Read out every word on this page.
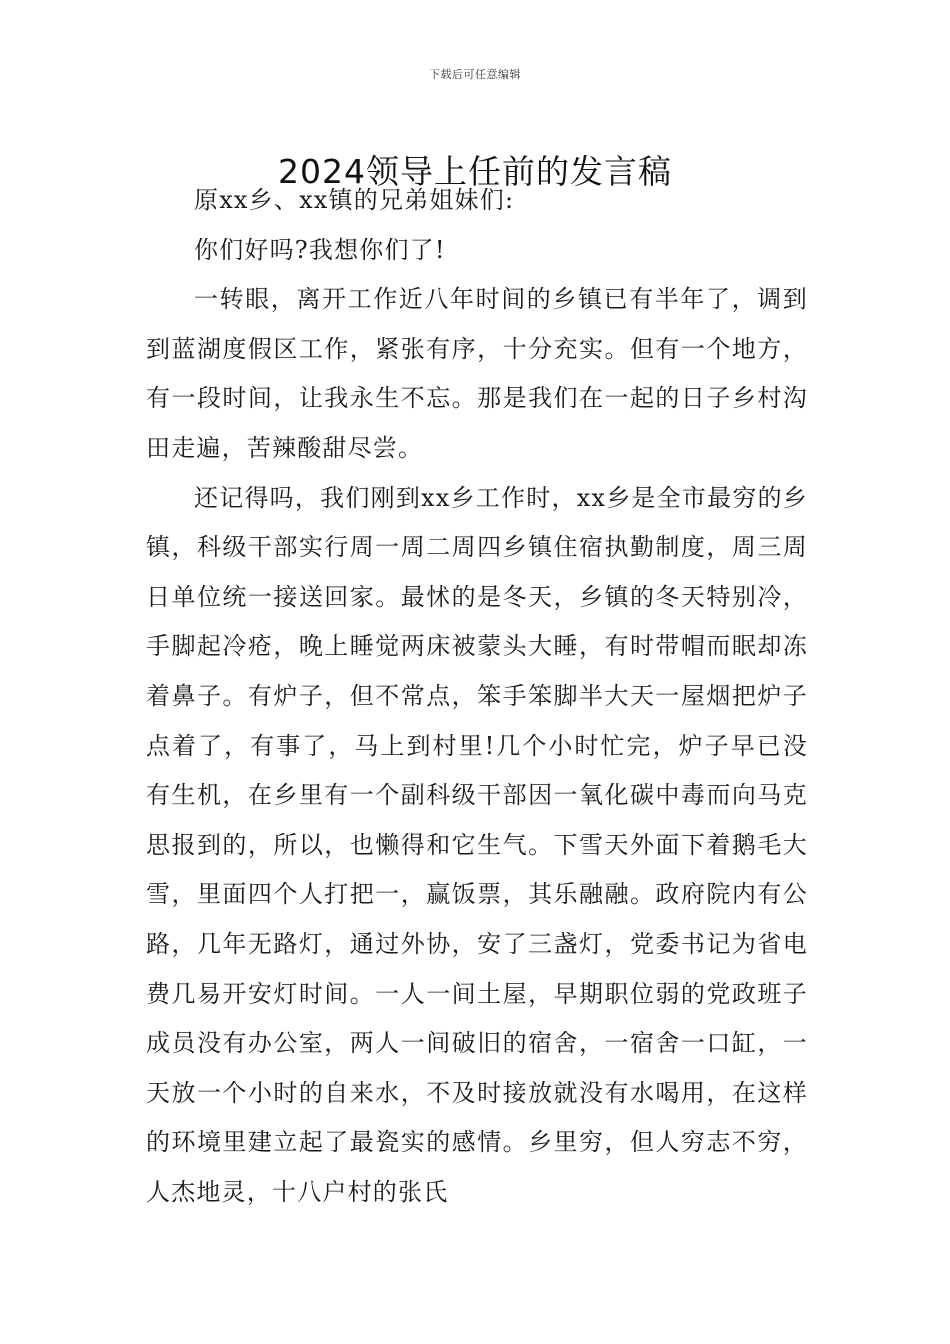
下载后可任意编辑
2024领导上任前的发言稿

原xx乡、xx镇的兄弟姐妹们:

你们好吗?我想你们了!

一转眼，离开工作近八年时间的乡镇已有半年了，调到到蓝湖度假区工作，紧张有序，十分充实。但有一个地方，有一段时间，让我永生不忘。那是我们在一起的日子乡村沟田走遍，苦辣酸甜尽尝。

还记得吗，我们刚到xx乡工作时，xx乡是全市最穷的乡镇，科级干部实行周一周二周四乡镇住宿执勤制度，周三周日单位统一接送回家。最怵的是冬天，乡镇的冬天特别冷，手脚起冷疮，晚上睡觉两床被蒙头大睡，有时带帽而眠却冻着鼻子。有炉子，但不常点，笨手笨脚半大天一屋烟把炉子点着了，有事了，马上到村里!几个小时忙完，炉子早已没有生机，在乡里有一个副科级干部因一氧化碳中毒而向马克思报到的，所以，也懒得和它生气。下雪天外面下着鹅毛大雪，里面四个人打把一，赢饭票，其乐融融。政府院内有公路，几年无路灯，通过外协，安了三盏灯，党委书记为省电费几易开安灯时间。一人一间土屋，早期职位弱的党政班子成员没有办公室，两人一间破旧的宿舍，一宿舍一口缸，一天放一个小时的自来水，不及时接放就没有水喝用，在这样的环境里建立起了最瓷实的感情。乡里穷，但人穷志不穷，人杰地灵，十八户村的张氏
